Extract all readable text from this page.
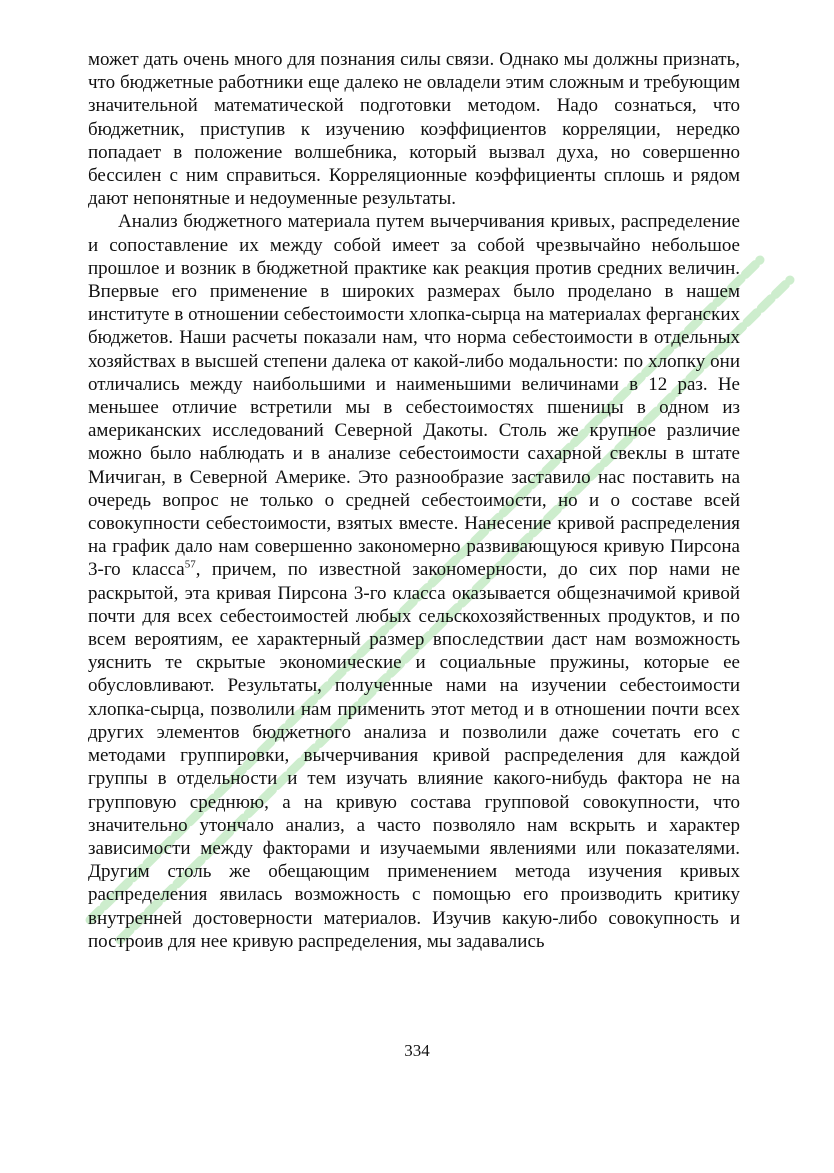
может дать очень много для познания силы связи. Однако мы должны признать, что бюджетные работники еще далеко не овладели этим сложным и требующим значительной математической подготовки методом. Надо сознаться, что бюджетник, приступив к изучению коэффициентов корреляции, нередко попадает в положение волшебника, который вызвал духа, но совершенно бессилен с ним справиться. Корреляционные коэффициенты сплошь и рядом дают непонятные и недоуменные результаты.

Анализ бюджетного материала путем вычерчивания кривых, распределение и сопоставление их между собой имеет за собой чрезвычайно небольшое прошлое и возник в бюджетной практике как реакция против средних величин. Впервые его применение в широких размерах было проделано в нашем институте в отношении себестоимости хлопка-сырца на материалах ферганских бюджетов. Наши расчеты показали нам, что норма себестоимости в отдельных хозяйствах в высшей степени далека от какой-либо модальности: по хлопку они отличались между наибольшими и наименьшими величинами в 12 раз. Не меньшее отличие встретили мы в себестоимостях пшеницы в одном из американских исследований Северной Дакоты. Столь же крупное различие можно было наблюдать и в анализе себестоимости сахарной свеклы в штате Мичиган, в Северной Америке. Это разнообразие заставило нас поставить на очередь вопрос не только о средней себестоимости, но и о составе всей совокупности себестоимости, взятых вместе. Нанесение кривой распределения на график дало нам совершенно закономерно развивающуюся кривую Пирсона 3-го класса$^{57}$, причем, по известной закономерности, до сих пор нами не раскрытой, эта кривая Пирсона 3-го класса оказывается общезначимой кривой почти для всех себестоимостей любых сельскохозяйственных продуктов, и по всем вероятиям, ее характерный размер впоследствии даст нам возможность уяснить те скрытые экономические и социальные пружины, которые ее обусловливают. Результаты, полученные нами на изучении себестоимости хлопка-сырца, позволили нам применить этот метод и в отношении почти всех других элементов бюджетного анализа и позволили даже сочетать его с методами группировки, вычерчивания кривой распределения для каждой группы в отдельности и тем изучать влияние какого-нибудь фактора не на групповую среднюю, а на кривую состава групповой совокупности, что значительно утончало анализ, а часто позволяло нам вскрыть и характер зависимости между факторами и изучаемыми явлениями или показателями. Другим столь же обещающим применением метода изучения кривых распределения явилась возможность с помощью его производить критику внутренней достоверности материалов. Изучив какую-либо совокупность и построив для нее кривую распределения, мы задавались

334
